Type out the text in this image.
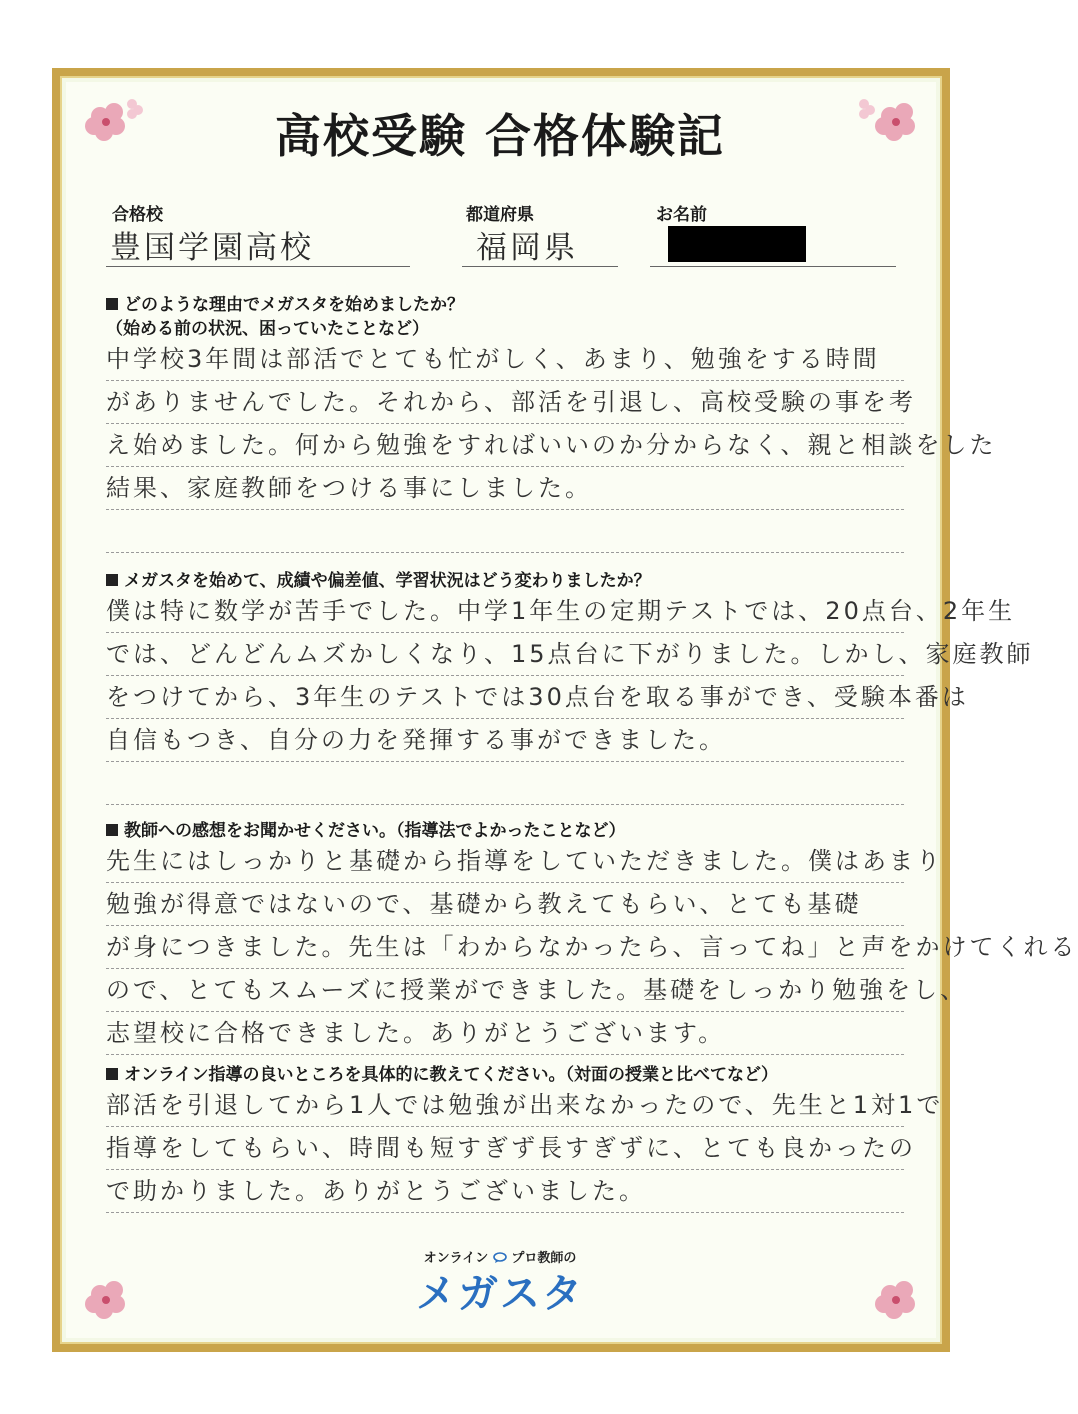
高校受験 合格体験記
合格校
豊国学園高校
都道府県
福岡県
お名前
どのような理由でメガスタを始めましたか？
（始める前の状況、困っていたことなど）
中学校3年間は部活でとても忙がしく、あまり、勉強をする時間
がありませんでした。それから、部活を引退し、高校受験の事を考
え始めました。何から勉強をすればいいのか分からなく、親と相談をした
結果、家庭教師をつける事にしました。
メガスタを始めて、成績や偏差値、学習状況はどう変わりましたか？
僕は特に数学が苦手でした。中学1年生の定期テストでは、20点台、2年生
では、どんどんムズかしくなり、15点台に下がりました。しかし、家庭教師
をつけてから、3年生のテストでは30点台を取る事ができ、受験本番は
自信もつき、自分の力を発揮する事ができました。
教師への感想をお聞かせください。（指導法でよかったことなど）
先生にはしっかりと基礎から指導をしていただきました。僕はあまり
勉強が得意ではないので、基礎から教えてもらい、とても基礎
が身につきました。先生は「わからなかったら、言ってね」と声をかけてくれる
ので、とてもスムーズに授業ができました。基礎をしっかり勉強をし、
志望校に合格できました。ありがとうございます。
オンライン指導の良いところを具体的に教えてください。（対面の授業と比べてなど）
部活を引退してから1人では勉強が出来なかったので、先生と1対1で
指導をしてもらい、時間も短すぎず長すぎずに、とても良かったの
で助かりました。ありがとうございました。
オンライン プロ教師の
メガスタ
